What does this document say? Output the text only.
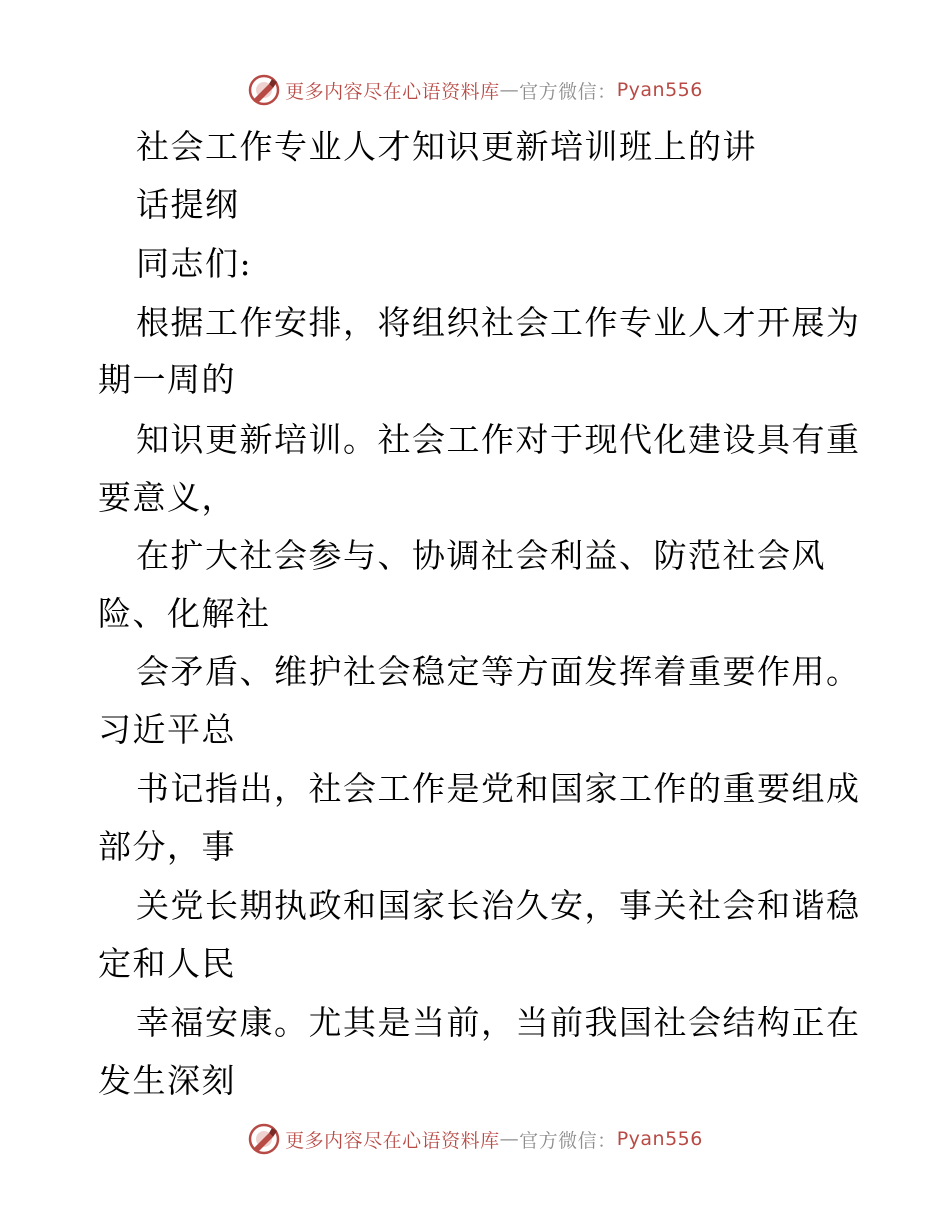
更多内容尽在心语资料库 — 官方微信： Pyan556
社会工作专业人才知识更新培训班上的讲
话提纲
同志们:
根据工作安排，将组织社会工作专业人才开展为
期一周的
知识更新培训。社会工作对于现代化建设具有重
要意义，
在扩大社会参与、协调社会利益、防范社会风
险、化解社
会矛盾、维护社会稳定等方面发挥着重要作用。
习近平总
书记指出，社会工作是党和国家工作的重要组成
部分，事
关党长期执政和国家长治久安，事关社会和谐稳
定和人民
幸福安康。尤其是当前，当前我国社会结构正在
发生深刻
更多内容尽在心语资料库 — 官方微信： Pyan556
